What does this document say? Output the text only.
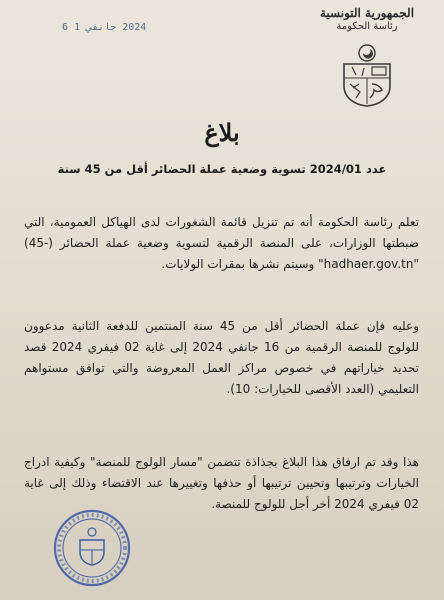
2024 جانفي 1 6
الجمهورية التونسية
رئاسة الحكومة
بلاغ
عدد 2024/01 تسوية وضعية عملة الحضائر أقل من 45 سنة
تعلم رئاسة الحكومة أنه تم تنزيل قائمة الشغورات لدى الهياكل العمومية، التي ضبطتها الوزارات، على المنصة الرقمية لتسوية وضعية عملة الحضائر (-45) "hadhaer.gov.tn" وسيتم نشرها بمقرات الولايات.
وعليه فإن عملة الحضائر أقل من 45 سنة المنتمين للدفعة الثانية مدعوون للولوج للمنصة الرقمية من 16 جانفي 2024 إلى غاية 02 فيفري 2024 قصد تحديد خياراتهم في خصوص مراكز العمل المعروضة والتي توافق مستواهم التعليمي (العدد الأقصى للخيارات: 10).
هذا وقد تم ارفاق هذا البلاغ بجذاذة تتضمن "مسار الولوج للمنصة" وكيفية ادراج الخيارات وترتيبها وتحيين ترتيبها أو حذفها وتغييرها عند الاقتضاء وذلك إلى غاية 02 فيفري 2024 أخر أجل للولوج للمنصة.
